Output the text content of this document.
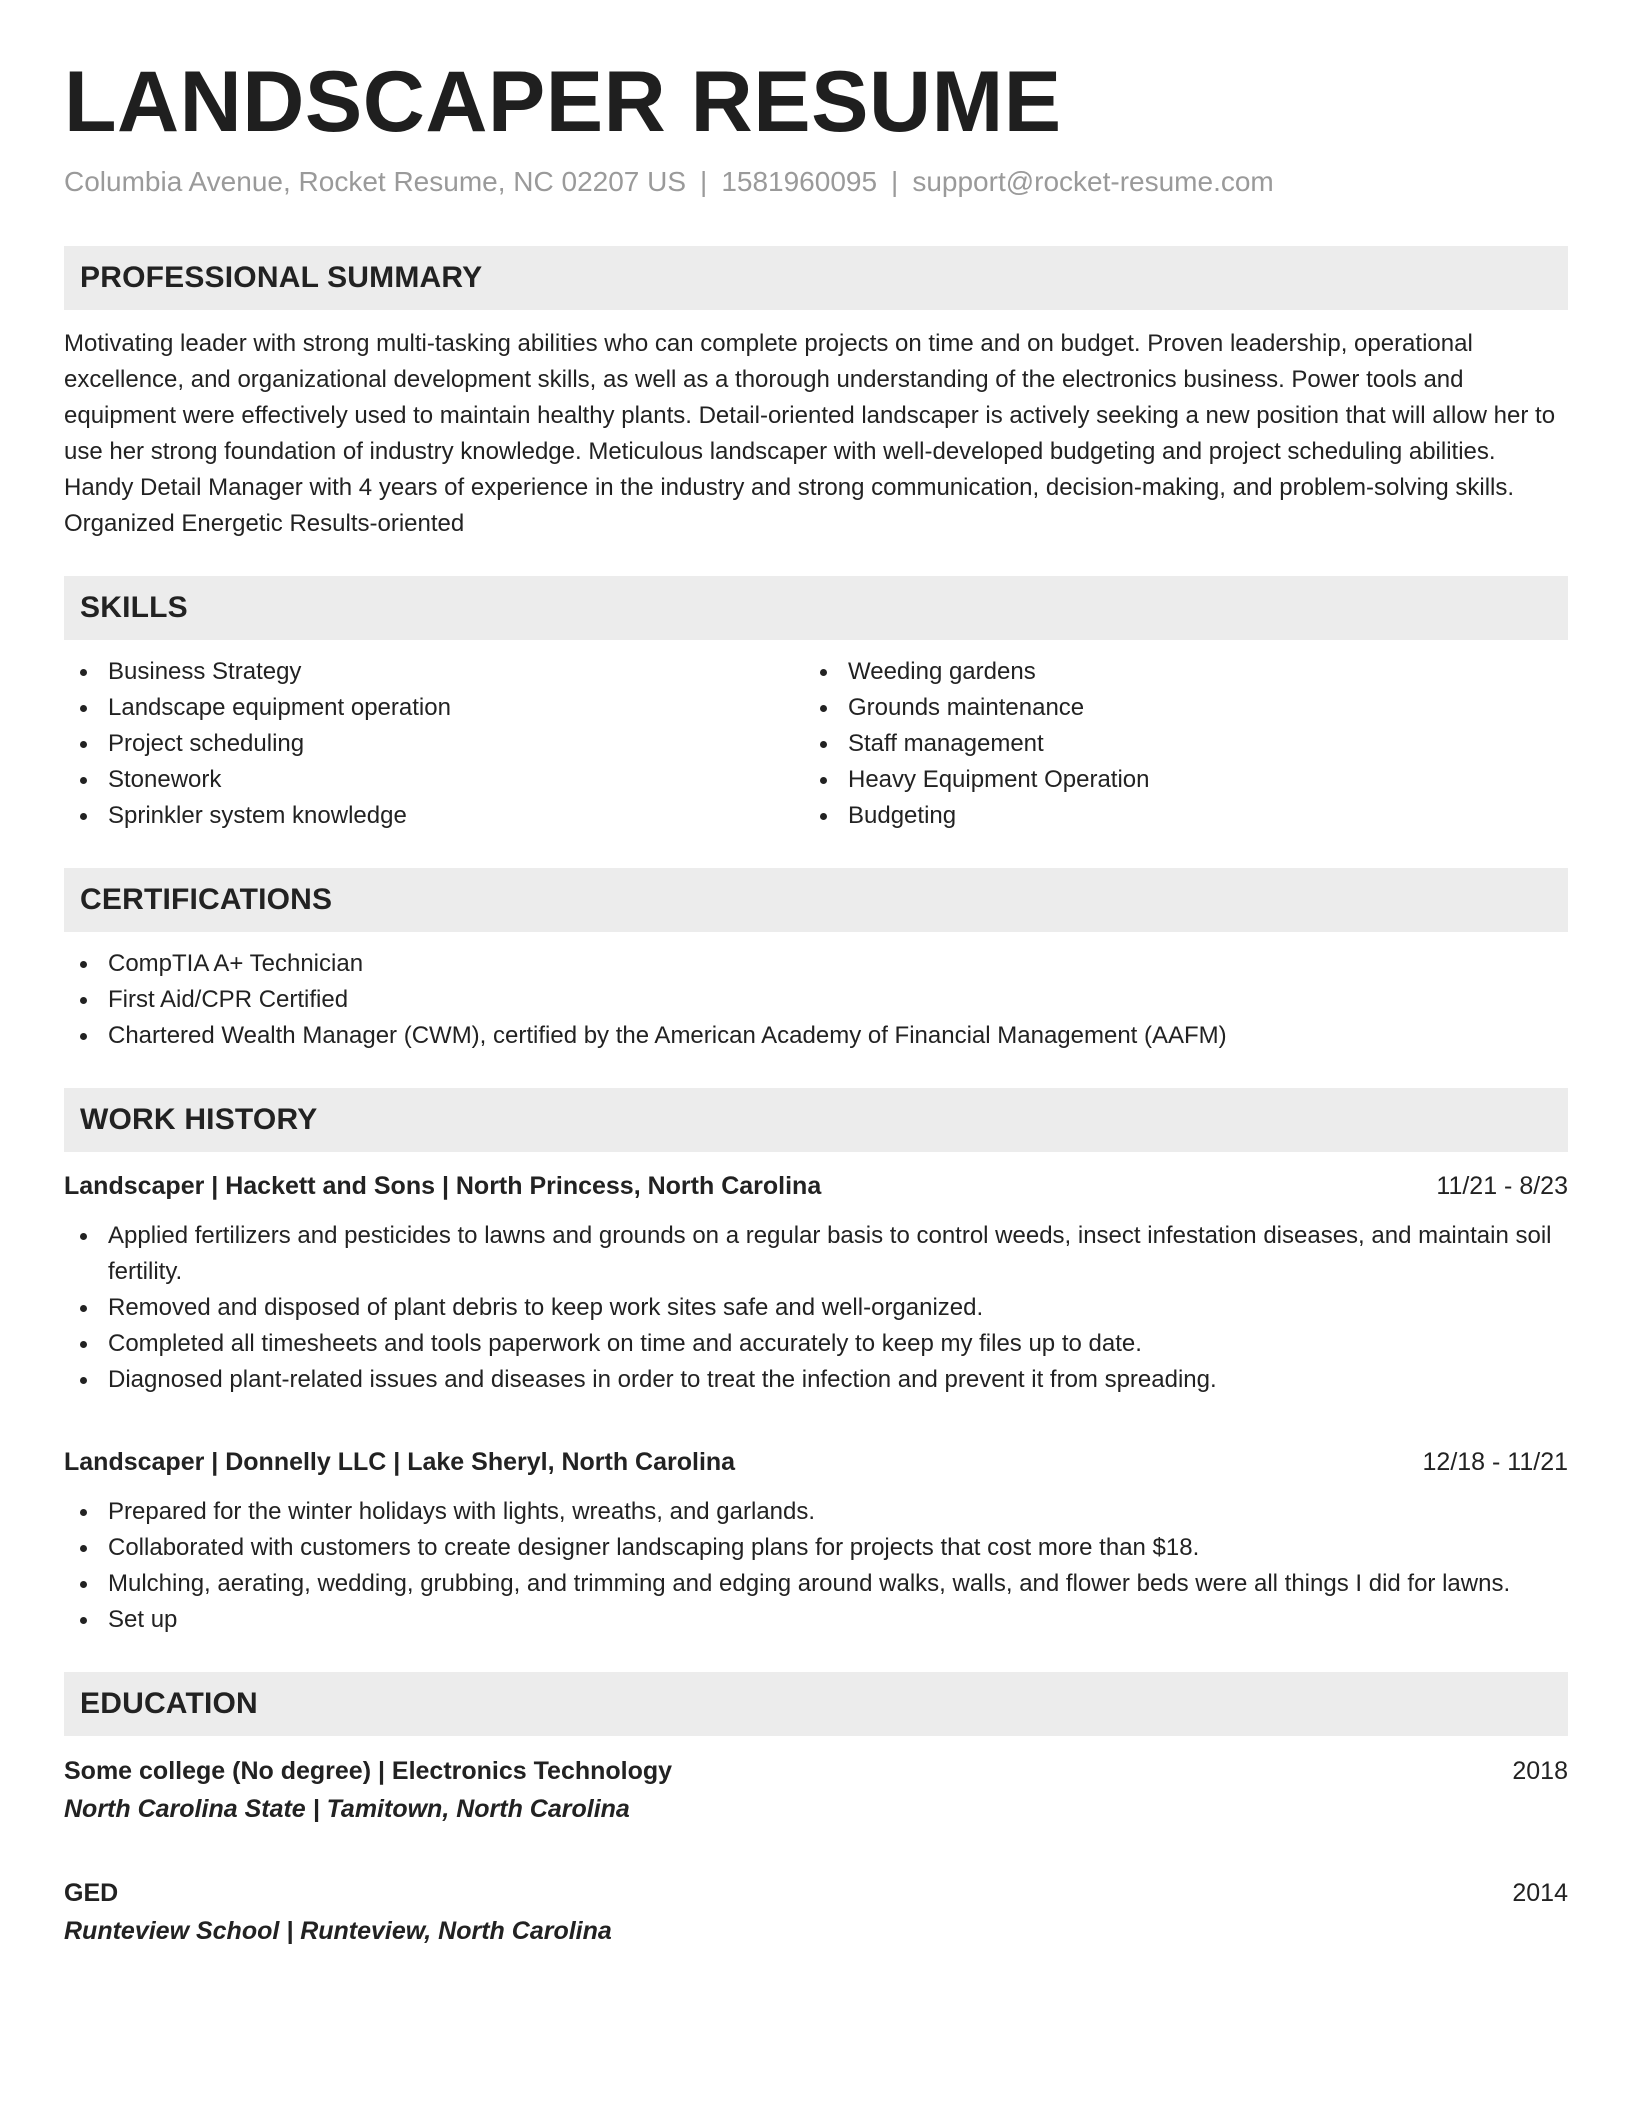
LANDSCAPER RESUME
Columbia Avenue, Rocket Resume, NC 02207 US | 1581960095 | support@rocket-resume.com
PROFESSIONAL SUMMARY

Motivating leader with strong multi-tasking abilities who can complete projects on time and on budget. Proven leadership, operational excellence, and organizational development skills, as well as a thorough understanding of the electronics business. Power tools and equipment were effectively used to maintain healthy plants. Detail-oriented landscaper is actively seeking a new position that will allow her to use her strong foundation of industry knowledge. Meticulous landscaper with well-developed budgeting and project scheduling abilities. Handy Detail Manager with 4 years of experience in the industry and strong communication, decision-making, and problem-solving skills. Organized Energetic Results-oriented

SKILLS
Business Strategy
Landscape equipment operation
Project scheduling
Stonework
Sprinkler system knowledge
Weeding gardens
Grounds maintenance
Staff management
Heavy Equipment Operation
Budgeting
CERTIFICATIONS
CompTIA A+ Technician
First Aid/CPR Certified
Chartered Wealth Manager (CWM), certified by the American Academy of Financial Management (AAFM)
WORK HISTORY
Landscaper | Hackett and Sons | North Princess, North Carolina	11/21 - 8/23
Applied fertilizers and pesticides to lawns and grounds on a regular basis to control weeds, insect infestation diseases, and maintain soil fertility.
Removed and disposed of plant debris to keep work sites safe and well-organized.
Completed all timesheets and tools paperwork on time and accurately to keep my files up to date.
Diagnosed plant-related issues and diseases in order to treat the infection and prevent it from spreading.
Landscaper | Donnelly LLC | Lake Sheryl, North Carolina	12/18 - 11/21
Prepared for the winter holidays with lights, wreaths, and garlands.
Collaborated with customers to create designer landscaping plans for projects that cost more than $18.
Mulching, aerating, wedding, grubbing, and trimming and edging around walks, walls, and flower beds were all things I did for lawns.
Set up
EDUCATION
Some college (No degree) | Electronics Technology	2018
North Carolina State | Tamitown, North Carolina
GED	2014
Runteview School | Runteview, North Carolina
